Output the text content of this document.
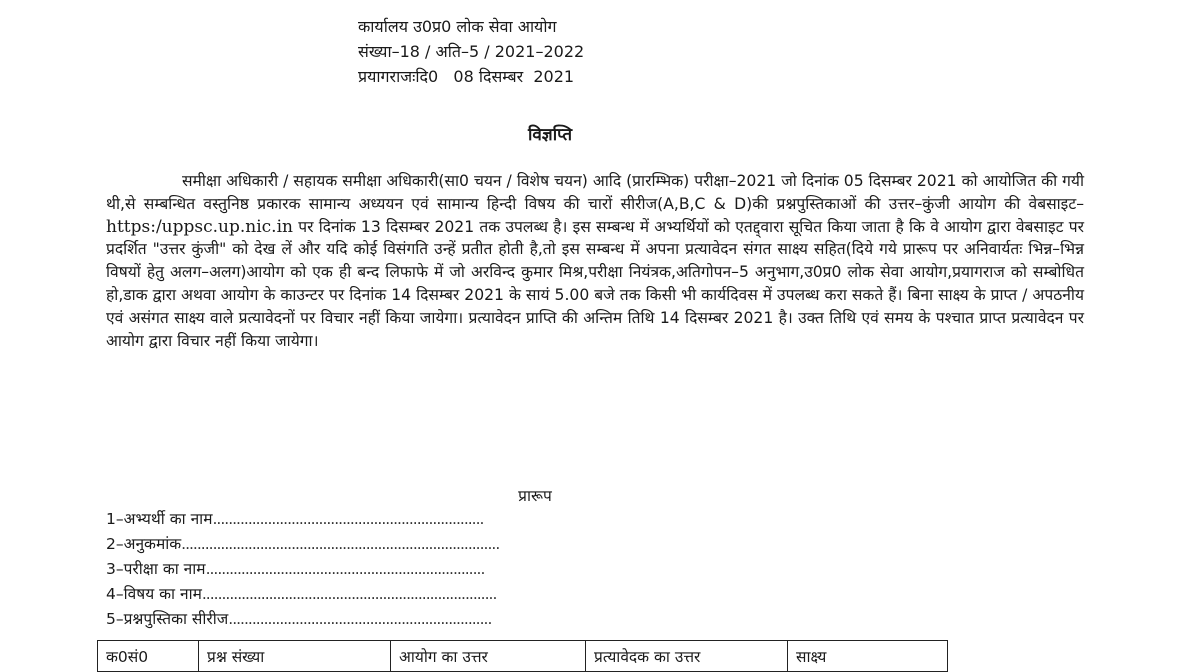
कार्यालय उ0प्र0 लोक सेवा आयोग
संख्या–18 / अति–5 / 2021–2022
प्रयागराजःदि0   08 दिसम्बर  2021
विज्ञप्ति

समीक्षा अधिकारी / सहायक समीक्षा अधिकारी(सा0 चयन / विशेष चयन) आदि (प्रारम्भिक) परीक्षा–2021 जो दिनांक 05 दिसम्बर 2021 को आयोजित की गयी थी,से सम्बन्धित वस्तुनिष्ठ प्रकारक सामान्य अध्ययन एवं सामान्य हिन्दी विषय की चारों सीरीज(A,B,C & D)की प्रश्नपुस्तिकाओं की उत्तर–कुंजी आयोग की वेबसाइट– https:/uppsc.up.nic.in पर दिनांक 13 दिसम्बर 2021 तक उपलब्ध है। इस सम्बन्ध में अभ्यर्थियों को एतद्द्वारा सूचित किया जाता है कि वे आयोग द्वारा वेबसाइट पर प्रदर्शित "उत्तर कुंजी" को देख लें और यदि कोई विसंगति उन्हें प्रतीत होती है,तो इस सम्बन्ध में अपना प्रत्यावेदन संगत साक्ष्य सहित(दिये गये प्रारूप पर अनिवार्यतः भिन्न–भिन्न विषयों हेतु अलग–अलग)आयोग को एक ही बन्द लिफाफे में जो अरविन्द कुमार मिश्र,परीक्षा नियंत्रक,अतिगोपन–5 अनुभाग,उ0प्र0 लोक सेवा आयोग,प्रयागराज को सम्बोधित हो,डाक द्वारा अथवा आयोग के काउन्टर पर दिनांक 14 दिसम्बर 2021 के सायं 5.00 बजे तक किसी भी कार्यदिवस में उपलब्ध करा सकते हैं। बिना साक्ष्य के प्राप्त / अपठनीय एवं असंगत साक्ष्य वाले प्रत्यावेदनों पर विचार नहीं किया जायेगा। प्रत्यावेदन प्राप्ति की अन्तिम तिथि 14 दिसम्बर 2021 है। उक्त तिथि एवं समय के पश्चात प्राप्त प्रत्यावेदन पर आयोग द्वारा विचार नहीं किया जायेगा।

प्रारूप
1–अभ्यर्थी का नाम.....................................................................
2–अनुकमांक.................................................................................
3–परीक्षा का नाम.......................................................................
4–विषय का नाम...........................................................................
5–प्रश्नपुस्तिका सीरीज...................................................................
क0सं0	प्रश्न संख्या	आयोग का उत्तर	प्रत्यावेदक का उत्तर	साक्ष्य
